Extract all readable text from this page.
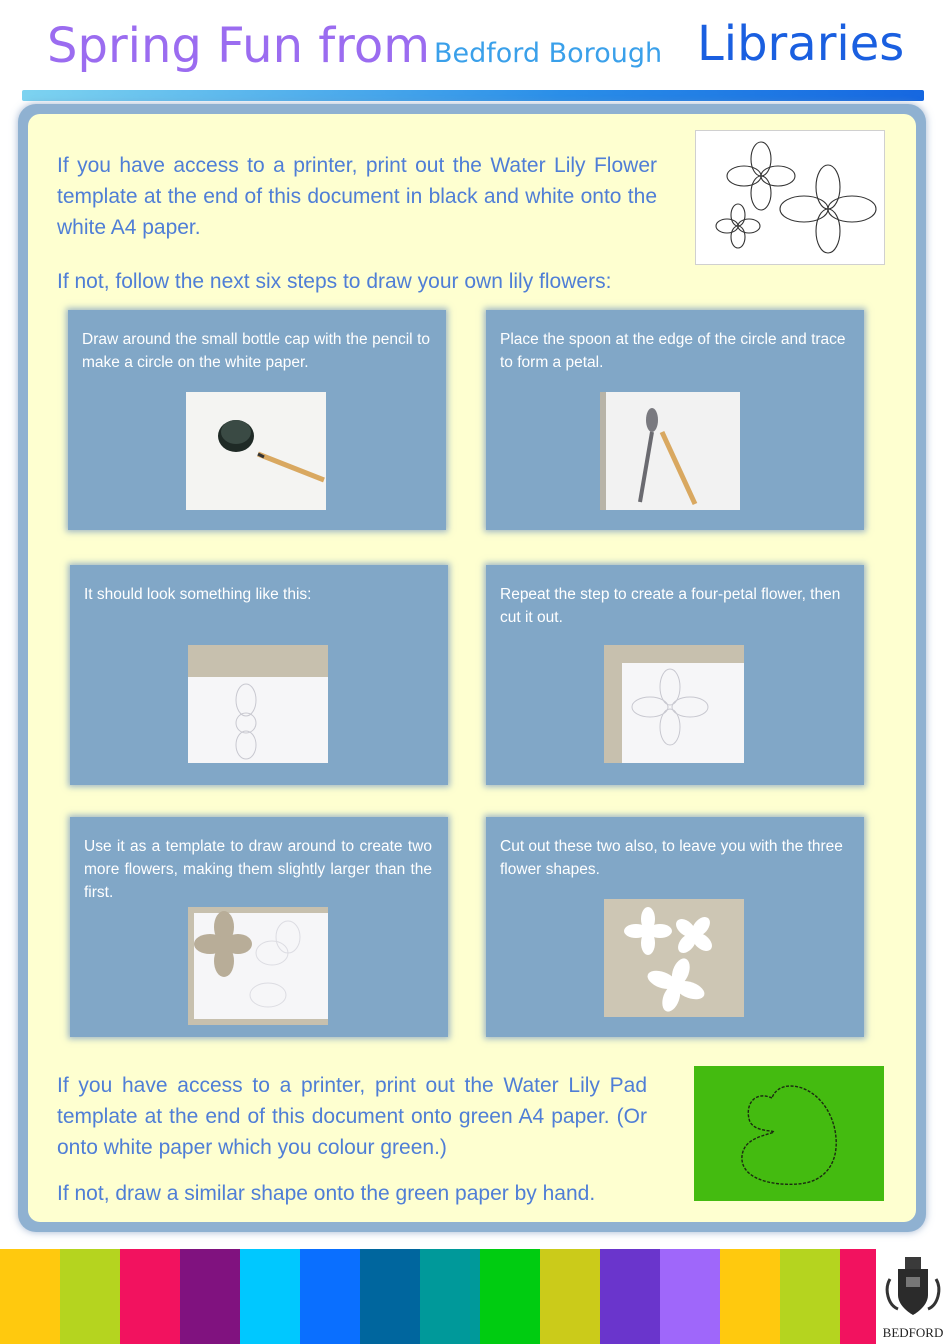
Spring Fun from Bedford Borough Libraries
If you have access to a printer, print out the Water Lily Flower template at the end of this document in black and white onto the white A4 paper.
If not, follow the next six steps to draw your own lily flowers:
Draw around the small bottle cap with the pencil to make a circle on the white paper.
Place the spoon at the edge of the circle and trace to form a petal.
It should look something like this:	Repeat the step to create a four-petal flower, then cut it out.
Use it as a template to draw around to create two more flowers, making them slightly larger than the first.
Cut out these two also, to leave you with the three flower shapes.
If you have access to a printer, print out the Water Lily Pad template at the end of this document onto green A4 paper. (Or onto white paper which you colour green.)
If not, draw a similar shape onto the green paper by hand.
BEDFORD
